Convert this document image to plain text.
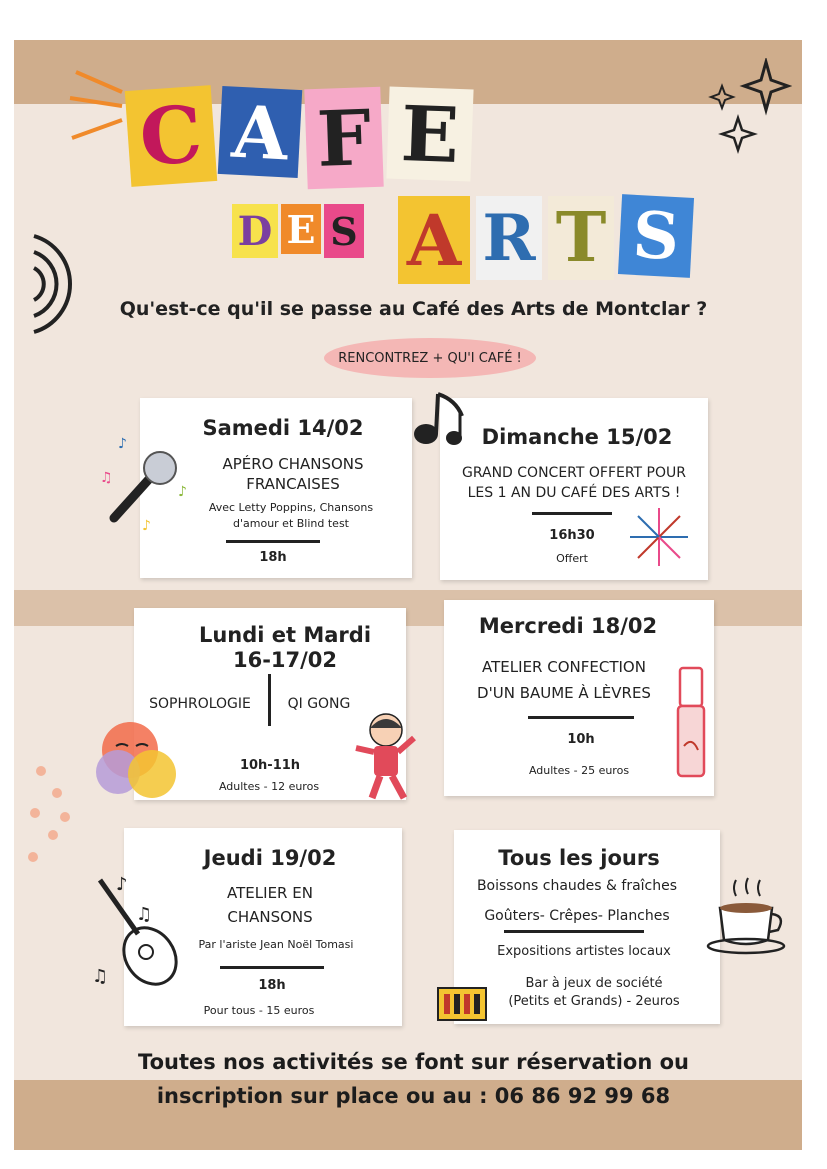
C A F E
D E S A R T S
Qu'est-ce qu'il se passe au Café des Arts de Montclar ?
RENCONTREZ + QU'I CAFÉ !
Samedi 14/02
APÉRO CHANSONS FRANCAISES
Avec Letty Poppins, Chansons d'amour et Blind test
18h
♪
♫
♪
♪
Dimanche 15/02
GRAND CONCERT OFFERT POUR LES 1 AN DU CAFÉ DES ARTS !
16h30
Offert
Lundi et Mardi
16-17/02
SOPHROLOGIE	QI GONG
10h-11h
Adultes - 12 euros
Mercredi 18/02
ATELIER CONFECTION
D'UN BAUME À LÈVRES
10h
Adultes - 25 euros
Jeudi 19/02
ATELIER EN
CHANSONS
Par l'ariste Jean Noël Tomasi
18h
Pour tous - 15 euros
♪
♫
♫
Tous les jours
Boissons chaudes & fraîches
Goûters- Crêpes- Planches
Expositions artistes locaux
Bar à jeux de société
(Petits et Grands) - 2euros
Toutes nos activités se font sur réservation ou
inscription sur place ou au : 06 86 92 99 68
